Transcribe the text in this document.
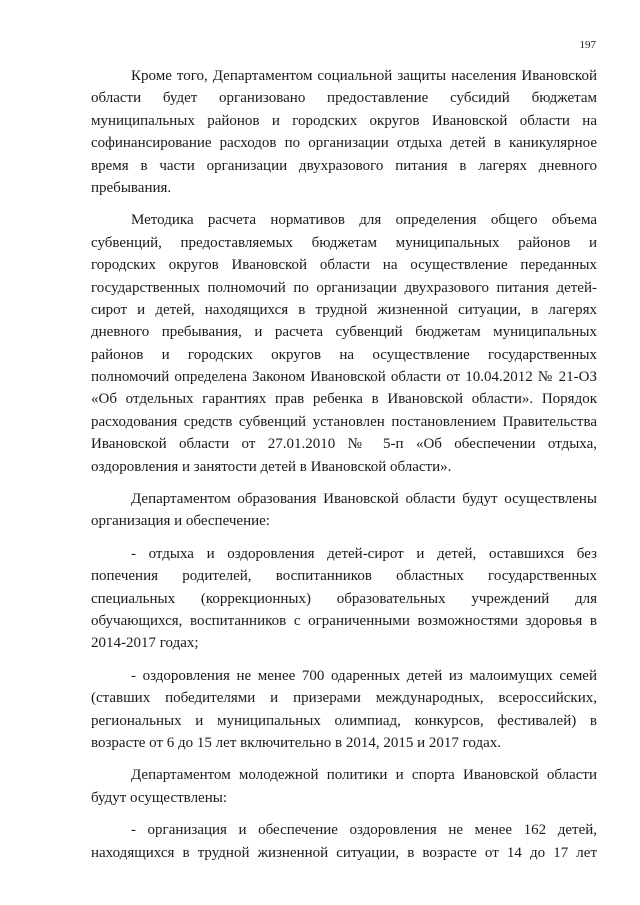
197
Кроме того, Департаментом социальной защиты населения Ивановской
области будет организовано предоставление субсидий бюджетам
муниципальных районов и городских округов Ивановской области на
софинансирование расходов по организации отдыха детей в каникулярное
время в части организации двухразового питания в лагерях дневного
пребывания.
Методика расчета нормативов для определения общего объема
субвенций, предоставляемых бюджетам муниципальных районов и
городских округов Ивановской области на осуществление переданных
государственных полномочий по организации двухразового питания детей-
сирот и детей, находящихся в трудной жизненной ситуации, в лагерях
дневного пребывания, и расчета субвенций бюджетам муниципальных
районов и городских округов на осуществление государственных
полномочий определена Законом Ивановской области от 10.04.2012 № 21-ОЗ
«Об отдельных гарантиях прав ребенка в Ивановской области». Порядок
расходования средств субвенций установлен постановлением Правительства
Ивановской области от 27.01.2010 № 5-п «Об обеспечении отдыха,
оздоровления и занятости детей в Ивановской области».
Департаментом образования Ивановской области будут осуществлены
организация и обеспечение:
- отдыха и оздоровления детей-сирот и детей, оставшихся без
попечения родителей, воспитанников областных государственных
специальных (коррекционных) образовательных учреждений для
обучающихся, воспитанников с ограниченными возможностями здоровья в
2014-2017 годах;
- оздоровления не менее 700 одаренных детей из малоимущих семей
(ставших победителями и призерами международных, всероссийских,
региональных и муниципальных олимпиад, конкурсов, фестивалей) в
возрасте от 6 до 15 лет включительно в 2014, 2015 и 2017 годах.
Департаментом молодежной политики и спорта Ивановской области
будут осуществлены:
- организация и обеспечение оздоровления не менее 162 детей,
находящихся в трудной жизненной ситуации, в возрасте от 14 до 17 лет
